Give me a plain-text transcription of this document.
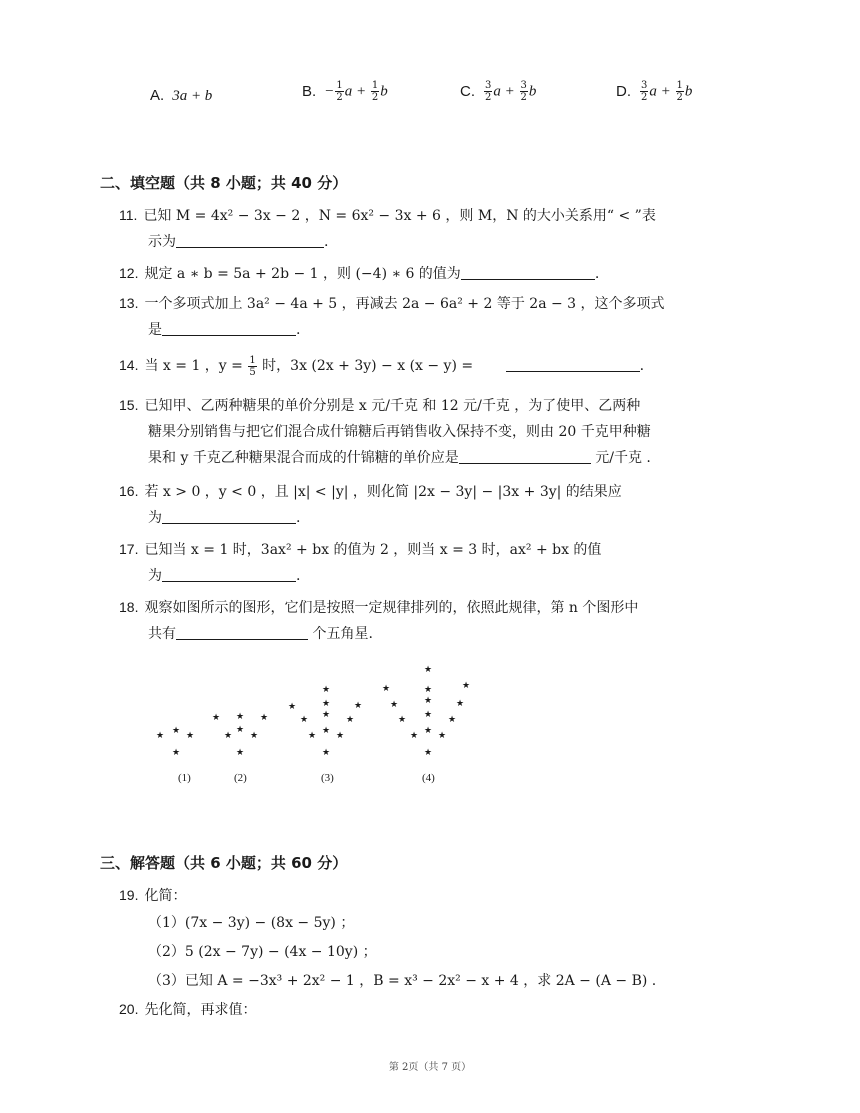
A. 3a + b	B. − $\frac{1}{2}$ $a + \frac{1}{2}$ b	C. $\frac{3}{2}$ $a + \frac{3}{2}$ b	D. $\frac{3}{2}$ $a + \frac{1}{2}$ b
二、填空题（共 8 小题；共 40 分）
11. 已知 M = 4x² − 3x − 2 ，N = 6x² − 3x + 6 ，则 M，N 的大小关系用“ < ”表
示为	.
12. 规定 a ∗ b = 5a + 2b − 1 ，则 (−4) ∗ 6 的值为	.
13. 一个多项式加上 3a² − 4a + 5 ，再减去 2a − 6a² + 2 等于 2a − 3 ，这个多项式
是	.
14. 当 x = 1 ，$y = \frac{1}{5}$ 时，3x (2x + 3y) − x (x − y) =	.
15. 已知甲、乙两种糖果的单价分别是 x 元/千克 和 12 元/千克 ，为了使甲、乙两种
糖果分别销售与把它们混合成什锦糖后再销售收入保持不变，则由 20 千克甲种糖
果和 y 千克乙种糖果混合而成的什锦糖的单价应是	元/千克 .
16. 若 x > 0 ，y < 0 ，且 |x| < |y| ，则化简 |2x − 3y| − |3x + 3y| 的结果应
为	.
17. 已知当 x = 1 时，3ax² + bx 的值为 2 ，则当 x = 3 时，ax² + bx 的值
为	.
18. 观察如图所示的图形，它们是按照一定规律排列的，依照此规律，第 n 个图形中
共有	个五角星.
★ ★ ★
★
★ ★ ★
★
★
★
★
★
★	★	★
★ ★ ★
★ ★ ★
★
★
★	★	★
★	★	★
★ ★ ★
★ ★ ★
★
(1)	(2)	(3)	(4)
三、解答题（共 6 小题；共 60 分）
19. 化简：
（1）(7x − 3y) − (8x − 5y) ；
（2）5 (2x − 7y) − (4x − 10y) ；
（3）已知 A = −3x³ + 2x² − 1 ，B = x³ − 2x² − x + 4 ，求 2A − (A − B) .
20. 先化简，再求值：
第 2页（共 7 页）
